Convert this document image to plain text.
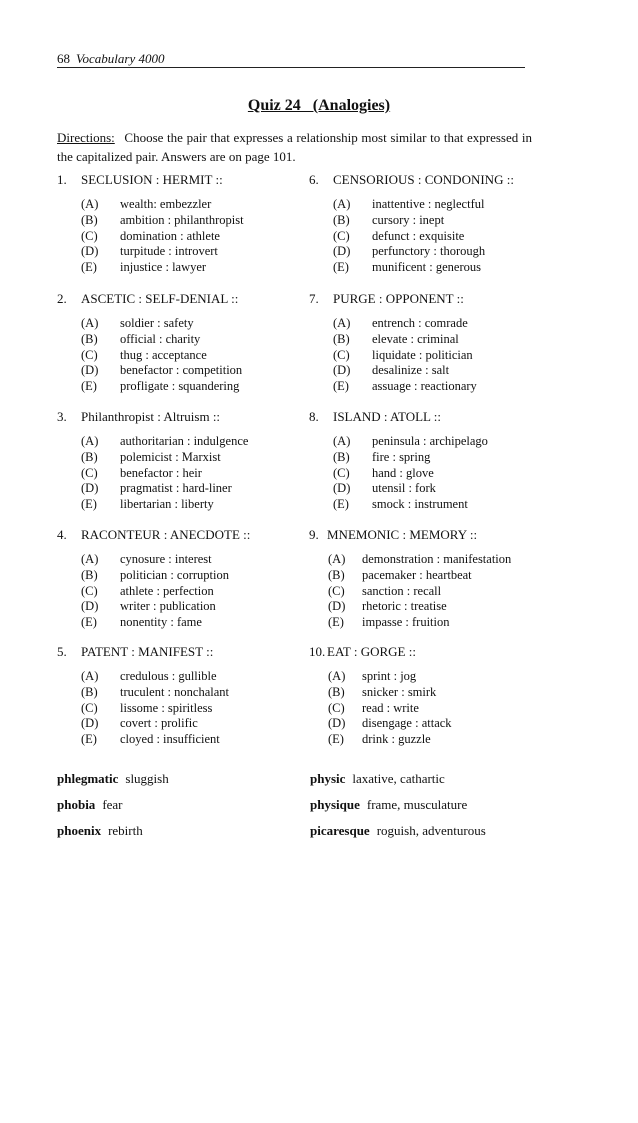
68 Vocabulary 4000
Quiz 24   (Analogies)
Directions: Choose the pair that expresses a relationship most similar to that expressed in the capitalized pair. Answers are on page 101.
1. SECLUSION : HERMIT ::
(A) wealth: embezzler
(B) ambition : philanthropist
(C) domination : athlete
(D) turpitude : introvert
(E) injustice : lawyer
6. CENSORIOUS : CONDONING ::
(A) inattentive : neglectful
(B) cursory : inept
(C) defunct : exquisite
(D) perfunctory : thorough
(E) munificent : generous
2. ASCETIC : SELF-DENIAL ::
(A) soldier : safety
(B) official : charity
(C) thug : acceptance
(D) benefactor : competition
(E) profligate : squandering
7. PURGE : OPPONENT ::
(A) entrench : comrade
(B) elevate : criminal
(C) liquidate : politician
(D) desalinize : salt
(E) assuage : reactionary
3. Philanthropist : Altruism ::
(A) authoritarian : indulgence
(B) polemicist : Marxist
(C) benefactor : heir
(D) pragmatist : hard-liner
(E) libertarian : liberty
8. ISLAND : ATOLL ::
(A) peninsula : archipelago
(B) fire : spring
(C) hand : glove
(D) utensil : fork
(E) smock : instrument
4. RACONTEUR : ANECDOTE ::
(A) cynosure : interest
(B) politician : corruption
(C) athlete : perfection
(D) writer : publication
(E) nonentity : fame
9. MNEMONIC : MEMORY ::
(A) demonstration : manifestation
(B) pacemaker : heartbeat
(C) sanction : recall
(D) rhetoric : treatise
(E) impasse : fruition
5. PATENT : MANIFEST ::
(A) credulous : gullible
(B) truculent : nonchalant
(C) lissome : spiritless
(D) covert : prolific
(E) cloyed : insufficient
10. EAT : GORGE ::
(A) sprint : jog
(B) snicker : smirk
(C) read : write
(D) disengage : attack
(E) drink : guzzle
phlegmatic sluggish
phobia fear
phoenix rebirth
physic laxative, cathartic
physique frame, musculature
picaresque roguish, adventurous
